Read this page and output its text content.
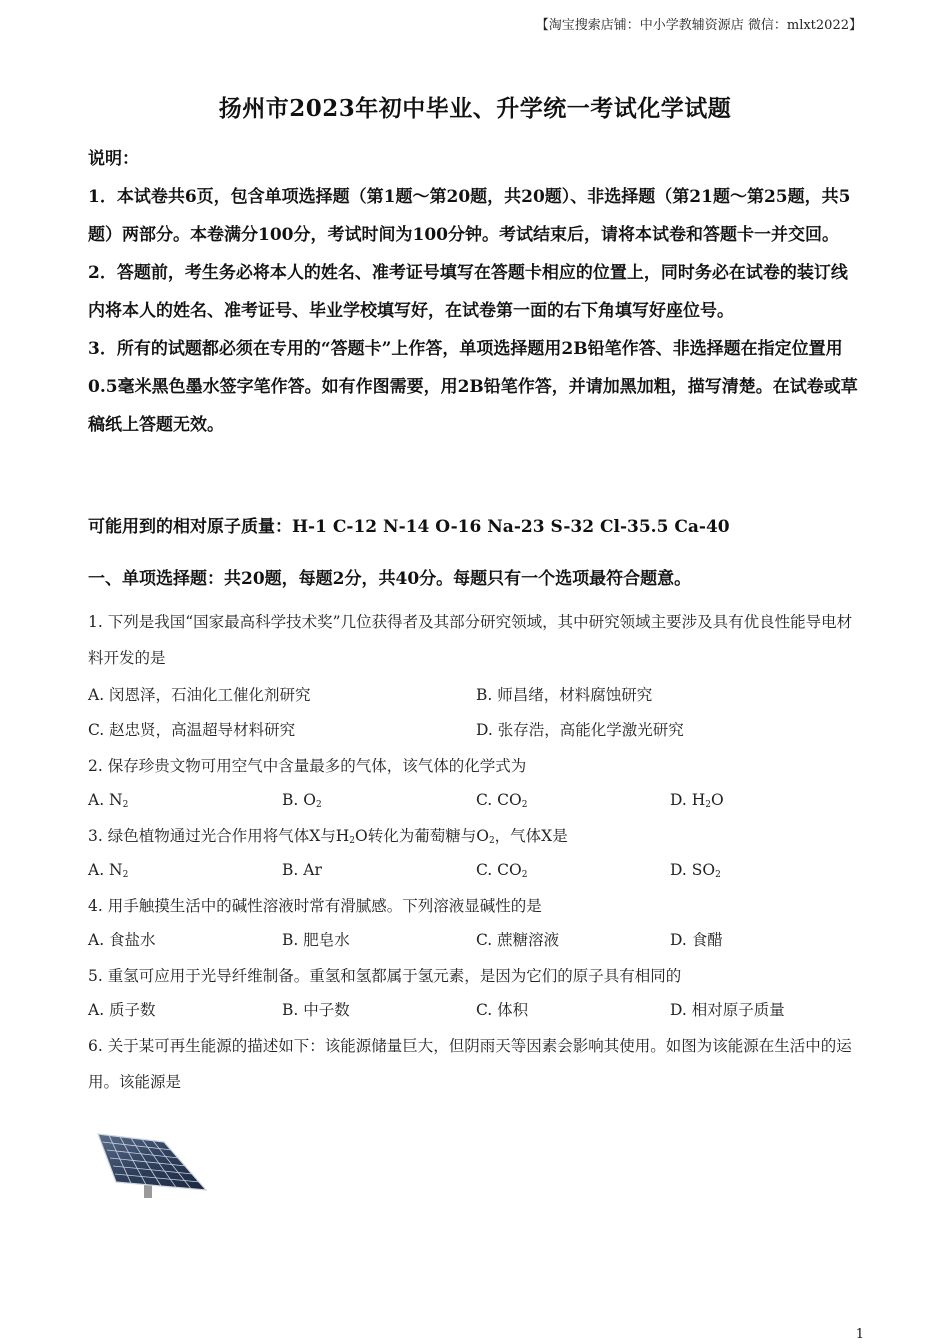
【淘宝搜索店铺：中小学教辅资源店 微信：mlxt2022】
扬州市2023年初中毕业、升学统一考试化学试题

说明：

1．本试卷共6页，包含单项选择题（第1题～第20题，共20题）、非选择题（第21题～第25题，共5题）两部分。本卷满分100分，考试时间为100分钟。考试结束后，请将本试卷和答题卡一并交回。

2．答题前，考生务必将本人的姓名、准考证号填写在答题卡相应的位置上，同时务必在试卷的装订线内将本人的姓名、准考证号、毕业学校填写好，在试卷第一面的右下角填写好座位号。

3．所有的试题都必须在专用的“答题卡”上作答，单项选择题用2B铅笔作答、非选择题在指定位置用0.5毫米黑色墨水签字笔作答。如有作图需要，用2B铅笔作答，并请加黑加粗，描写清楚。在试卷或草稿纸上答题无效。

可能用到的相对原子质量：H-1 C-12 N-14 O-16 Na-23 S-32 Cl-35.5 Ca-40
一、单项选择题：共20题，每题2分，共40分。每题只有一个选项最符合题意。

1. 下列是我国“国家最高科学技术奖”几位获得者及其部分研究领域，其中研究领域主要涉及具有优良性能导电材料开发的是

A. 闵恩泽，石油化工催化剂研究	B. 师昌绪，材料腐蚀研究
C. 赵忠贤，高温超导材料研究	D. 张存浩，高能化学激光研究
2. 保存珍贵文物可用空气中含量最多的气体，该气体的化学式为
A. $N_2$	B. $O_2$	C. $CO_2$	D. $H_2O$
3. 绿色植物通过光合作用将气体X与$H_2O$转化为葡萄糖与$O_2$，气体X是
A. $N_2$	B. Ar	C. $CO_2$	D. $SO_2$
4. 用手触摸生活中的碱性溶液时常有滑腻感。下列溶液显碱性的是
A. 食盐水	B. 肥皂水	C. 蔗糖溶液	D. 食醋
5. 重氢可应用于光导纤维制备。重氢和氢都属于氢元素，是因为它们的原子具有相同的
A. 质子数	B. 中子数	C. 体积	D. 相对原子质量

6. 关于某可再生能源的描述如下：该能源储量巨大，但阴雨天等因素会影响其使用。如图为该能源在生活中的运用。该能源是

1
